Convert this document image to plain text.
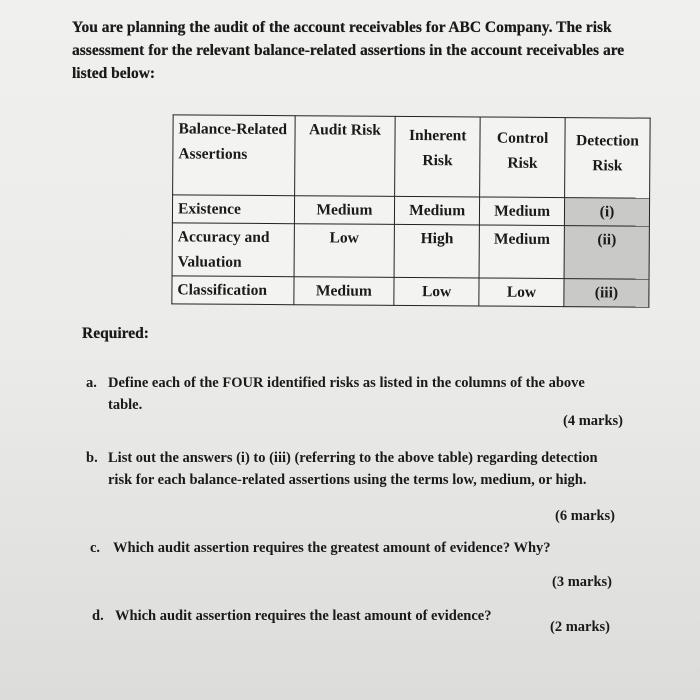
You are planning the audit of the account receivables for ABC Company. The risk assessment for the relevant balance-related assertions in the account receivables are listed below:
Balance-Related Assertions	Audit Risk	Inherent Risk	Control Risk	Detection Risk
Existence	Medium	Medium	Medium	(i)
Accuracy and Valuation	Low	High	Medium	(ii)
Classification	Medium	Low	Low	(iii)
Required:
a. Define each of the FOUR identified risks as listed in the columns of the above table.
(4 marks)
b. List out the answers (i) to (iii) (referring to the above table) regarding detection risk for each balance-related assertions using the terms low, medium, or high.
(6 marks)
c. Which audit assertion requires the greatest amount of evidence? Why?
(3 marks)
d. Which audit assertion requires the least amount of evidence?
(2 marks)
